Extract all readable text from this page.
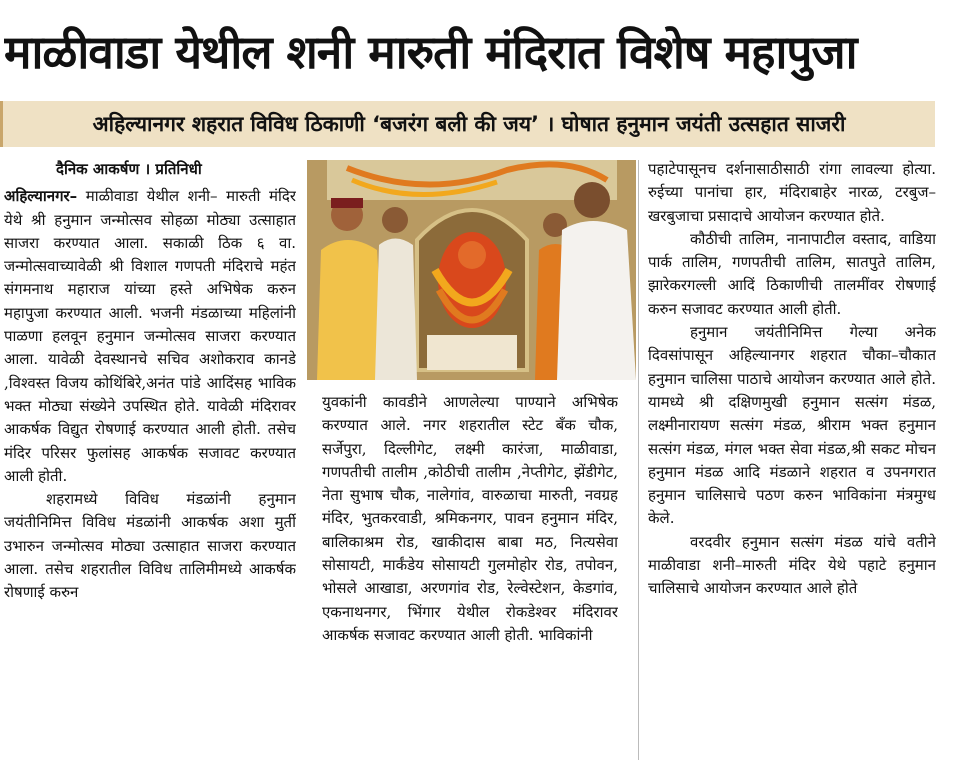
माळीवाडा येथील शनी मारुती मंदिरात विशेष महापुजा
अहिल्यानगर शहरात विविध ठिकाणी ‘बजरंग बली की जय’ । घोषात हनुमान जयंती उत्सहात साजरी
दैनिक आकर्षण । प्रतिनिधी

अहिल्यानगर– माळीवाडा येथील शनी– मारुती मंदिर येथे श्री हनुमान जन्मोत्सव सोहळा मोठ्या उत्साहात साजरा करण्यात आला. सकाळी ठिक ६ वा. जन्मोत्सवाच्यावेळी श्री विशाल गणपती मंदिराचे महंत संगमनाथ महाराज यांच्या हस्ते अभिषेक करुन महापुजा करण्यात आली. भजनी मंडळाच्या महिलांनी पाळणा हलवून हनुमान जन्मोत्सव साजरा करण्यात आला. यावेळी देवस्थानचे सचिव अशोकराव कानडे ,विश्वस्त विजय कोथिंबिरे,अनंत पांडे आदिंसह भाविक भक्त मोठ्या संख्येने उपस्थित होते. यावेळी मंदिरावर आकर्षक विद्युत रोषणाई करण्यात आली होती. तसेच मंदिर परिसर फुलांसह आकर्षक सजावट करण्यात आली होती.

शहरामध्ये विविध मंडळांनी हनुमान जयंतीनिमित्त विविध मंडळांनी आकर्षक अशा मुर्ती उभारुन जन्मोत्सव मोठ्या उत्साहात साजरा करण्यात आला. तसेच शहरातील विविध तालिमीमध्ये आकर्षक रोषणाई करुन

युवकांनी कावडीने आणलेल्या पाण्याने अभिषेक करण्यात आले. नगर शहरातील स्टेट बँक चौक, सर्जेपुरा, दिल्लीगेट, लक्ष्मी कारंजा, माळीवाडा, गणपतीची तालीम ,कोठीची तालीम ,नेप्तीगेट, झेंडीगेट, नेता सुभाष चौक, नालेगांव, वारुळाचा मारुती, नवग्रह मंदिर, भुतकरवाडी, श्रमिकनगर, पावन हनुमान मंदिर, बालिकाश्रम रोड, खाकीदास बाबा मठ, नित्यसेवा सोसायटी, मार्कंडेय सोसायटी गुलमोहोर रोड, तपोवन, भोसले आखाडा, अरणगांव रोड, रेल्वेस्टेशन, केडगांव, एकनाथनगर, भिंगार येथील रोकडेश्वर मंदिरावर आकर्षक सजावट करण्यात आली होती. भाविकांनी

पहाटेपासूनच दर्शनासाठीसाठी रांगा लावल्या होत्या. रुईच्या पानांचा हार, मंदिराबाहेर नारळ, टरबुज–खरबुजाचा प्रसादाचे आयोजन करण्यात होते.

कौठीची तालिम, नानापाटील वस्ताद, वाडिया पार्क तालिम, गणपतीची तालिम, सातपुते तालिम, झारेकरगल्ली आदिं ठिकाणीची तालमींवर रोषणाई करुन सजावट करण्यात आली होती.

हनुमान जयंतीनिमित्त गेल्या अनेक दिवसांपासून अहिल्यानगर शहरात चौका–चौकात हनुमान चालिसा पाठाचे आयोजन करण्यात आले होते. यामध्ये श्री दक्षिणमुखी हनुमान सत्संग मंडळ, लक्ष्मीनारायण सत्संग मंडळ, श्रीराम भक्त हनुमान सत्संग मंडळ, मंगल भक्त सेवा मंडळ,श्री सकट मोचन हनुमान मंडळ आदि मंडळाने शहरात व उपनगरात हनुमान चालिसाचे पठण करुन भाविकांना मंत्रमुग्ध केले.

वरदवीर हनुमान सत्संग मंडळ यांचे वतीने माळीवाडा शनी–मारुती मंदिर येथे पहाटे हनुमान चालिसाचे आयोजन करण्यात आले होते
